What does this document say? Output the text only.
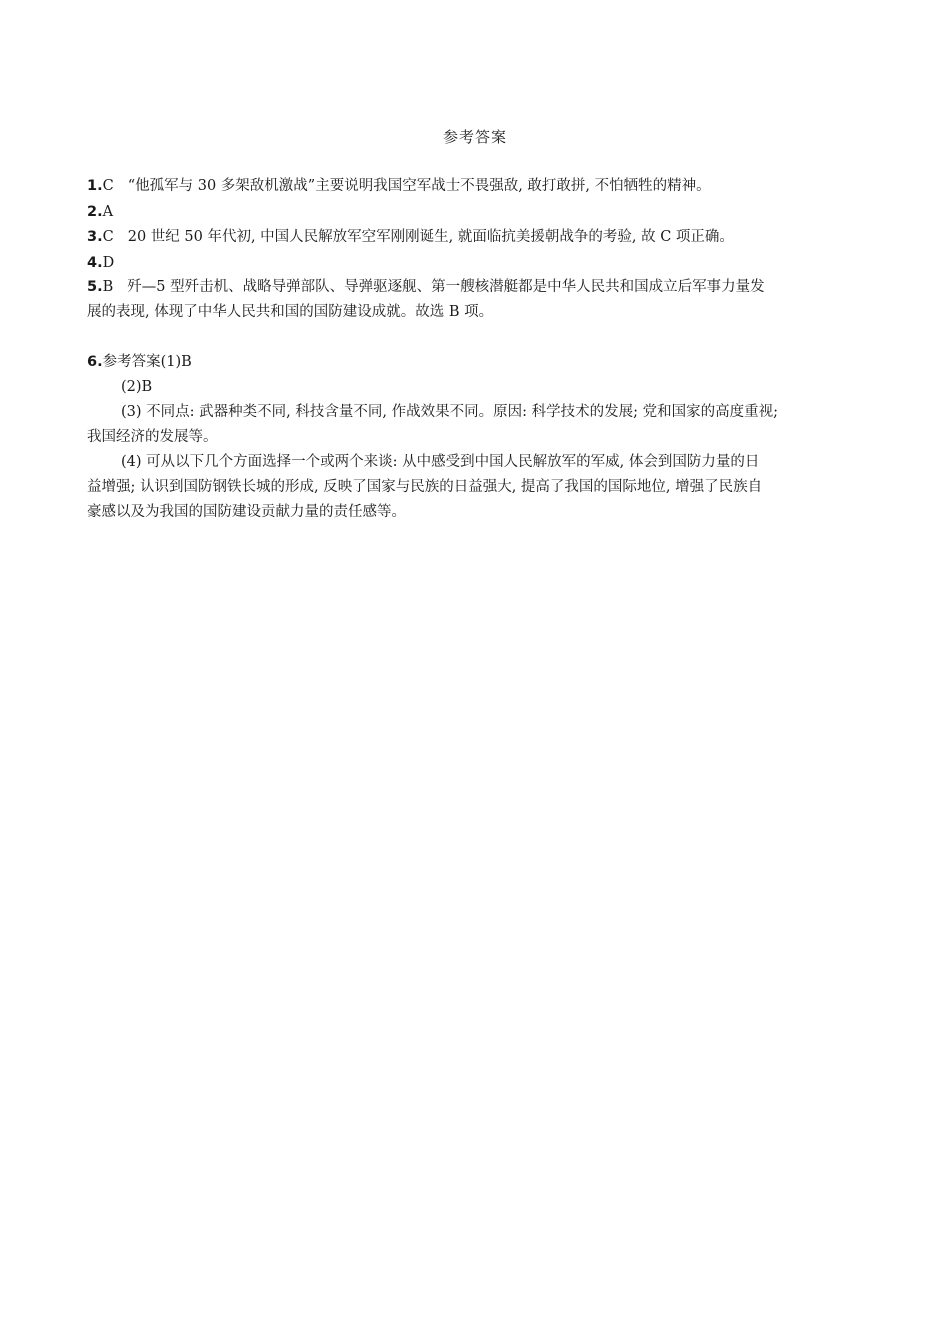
参考答案
1.C “他孤军与 30 多架敌机激战”主要说明我国空军战士不畏强敌, 敢打敢拼, 不怕牺牲的精神。
2.A
3.C 20 世纪 50 年代初, 中国人民解放军空军刚刚诞生, 就面临抗美援朝战争的考验, 故 C 项正确。
4.D
5.B 歼—5 型歼击机、战略导弹部队、导弹驱逐舰、第一艘核潜艇都是中华人民共和国成立后军事力量发
展的表现, 体现了中华人民共和国的国防建设成就。故选 B 项。
6.参考答案(1)B
(2)B
(3) 不同点: 武器种类不同, 科技含量不同, 作战效果不同。原因: 科学技术的发展; 党和国家的高度重视;
我国经济的发展等。
(4) 可从以下几个方面选择一个或两个来谈: 从中感受到中国人民解放军的军威, 体会到国防力量的日
益增强; 认识到国防钢铁长城的形成, 反映了国家与民族的日益强大, 提高了我国的国际地位, 增强了民族自
豪感以及为我国的国防建设贡献力量的责任感等。
